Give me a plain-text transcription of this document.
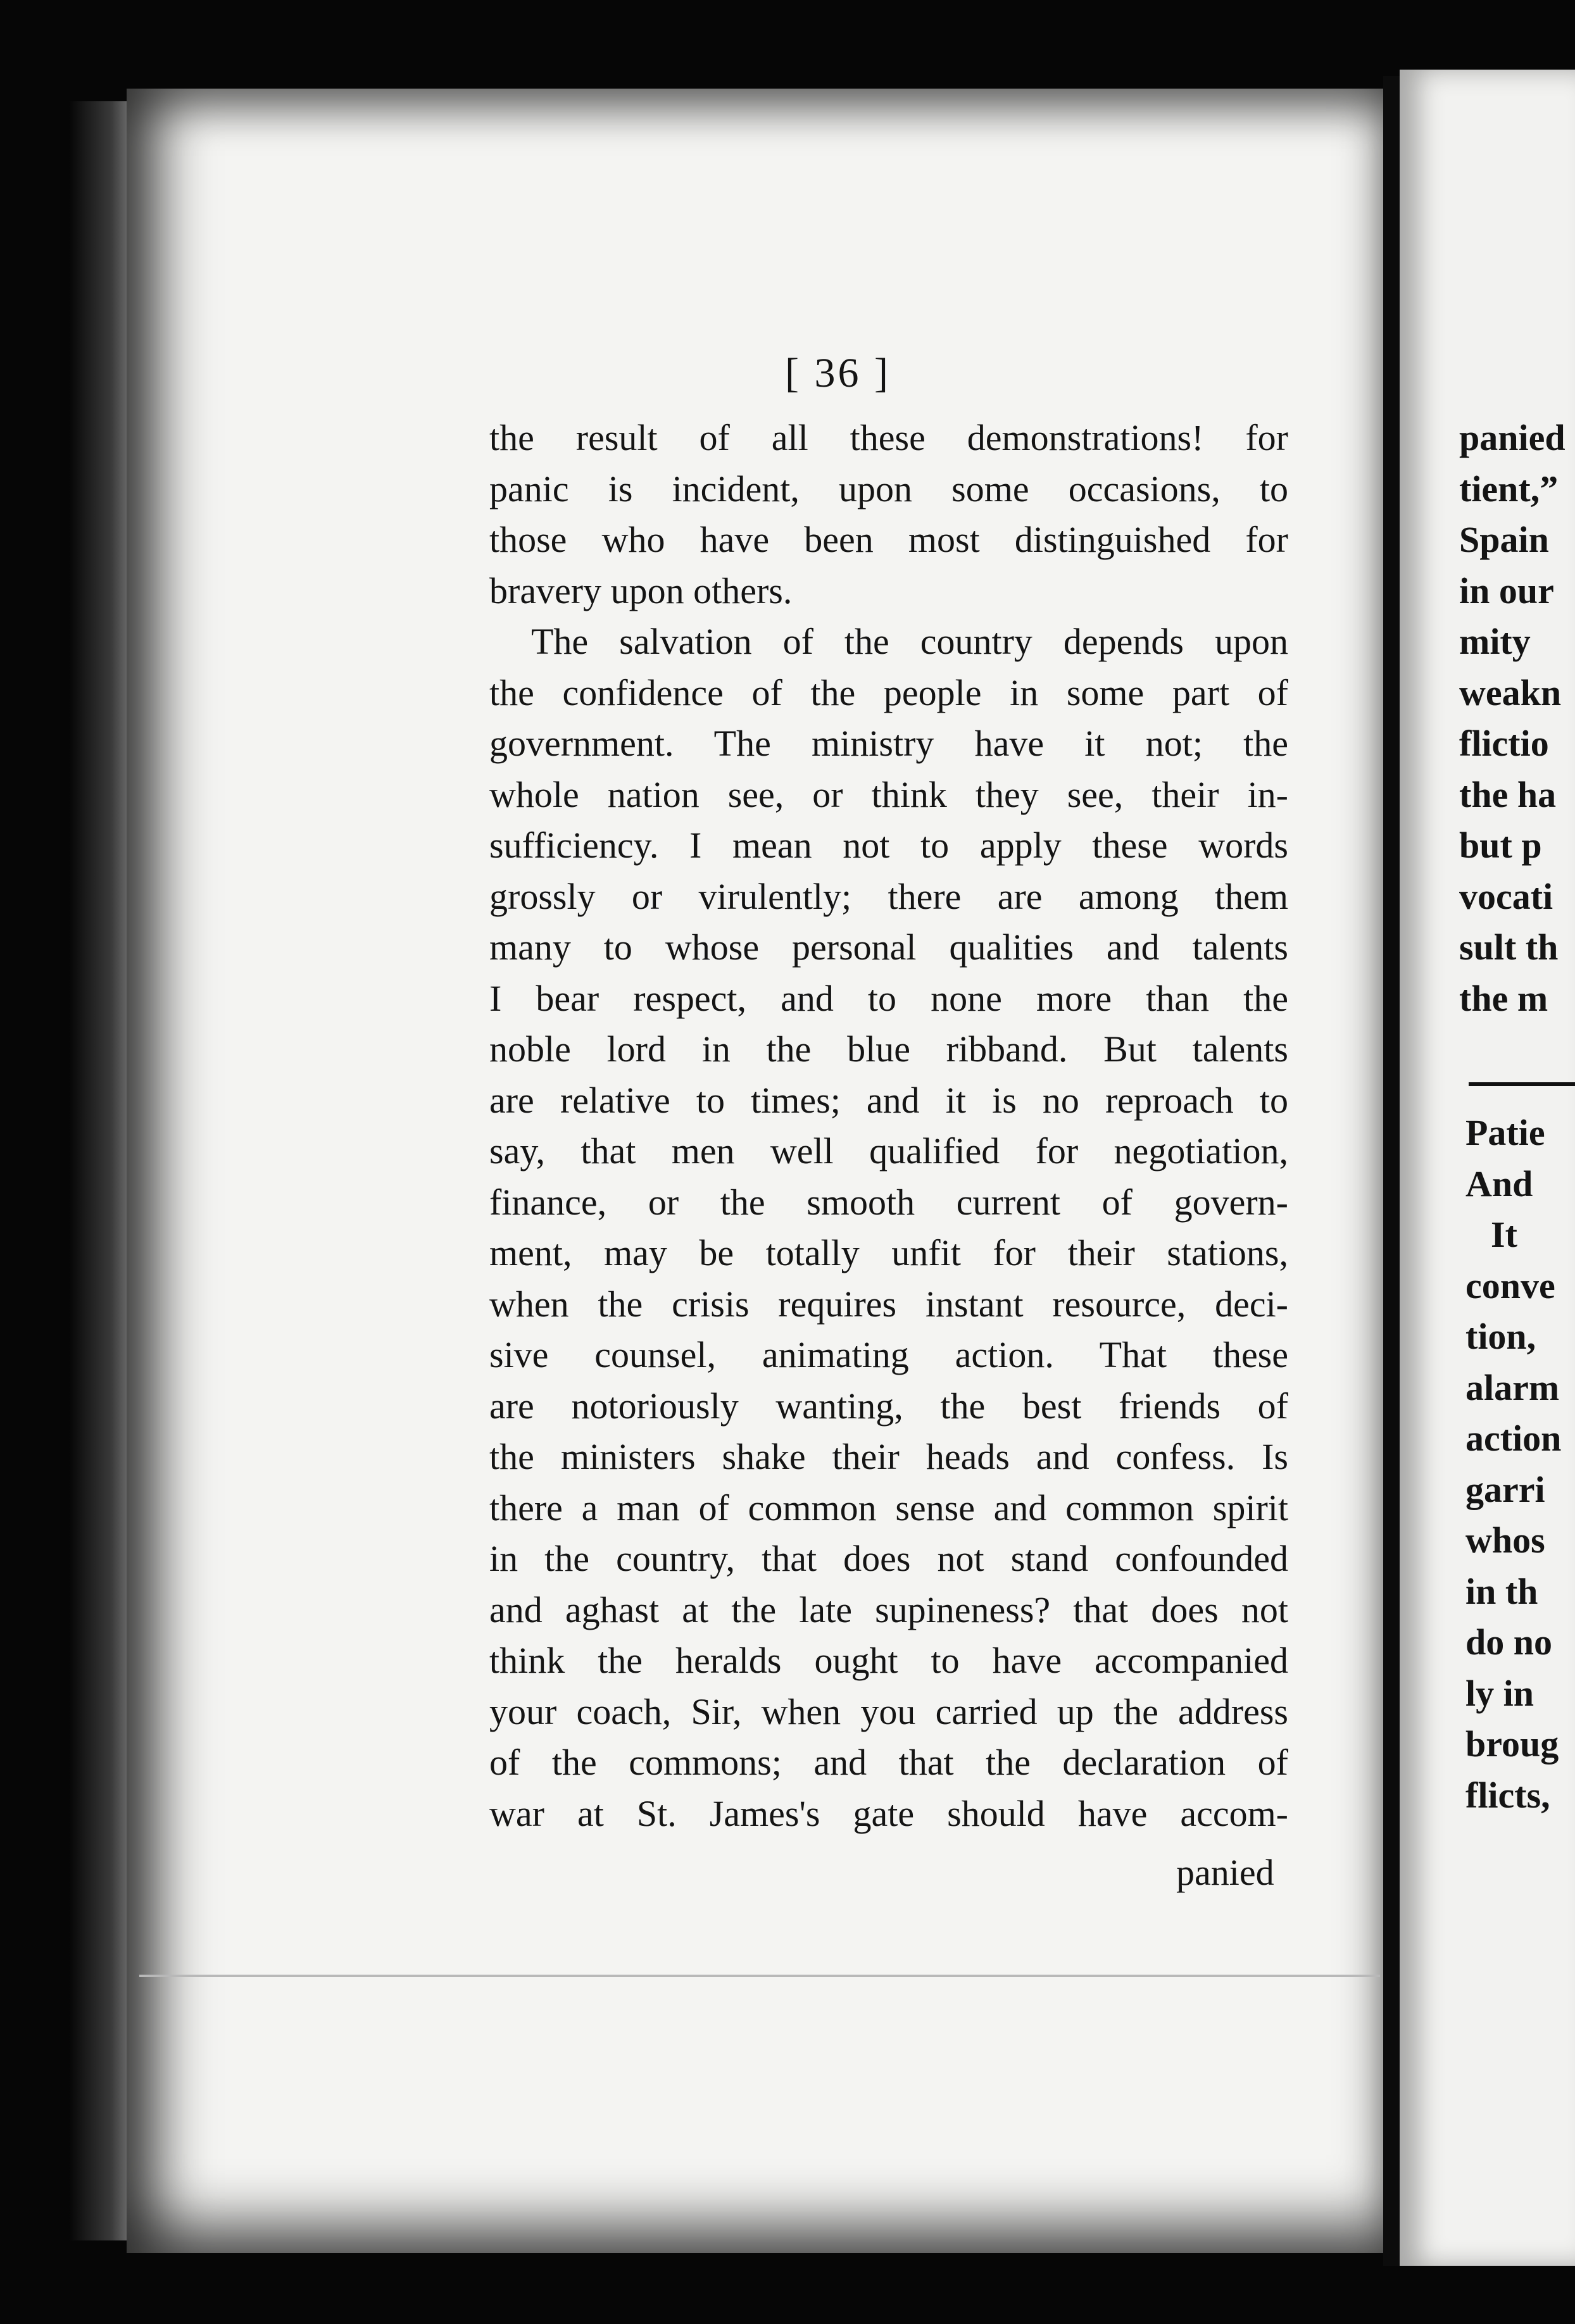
[ 36 ]
the result of all these demonstrations! for
panic is incident, upon some occasions, to
those who have been most distinguished for
bravery upon others.
The salvation of the country depends upon
the confidence of the people in some part of
government. The ministry have it not; the
whole nation see, or think they see, their in-
sufficiency. I mean not to apply these words
grossly or virulently; there are among them
many to whose personal qualities and talents
I bear respect, and to none more than the
noble lord in the blue ribband. But talents
are relative to times; and it is no reproach to
say, that men well qualified for negotiation,
finance, or the smooth current of govern-
ment, may be totally unfit for their stations,
when the crisis requires instant resource, deci-
sive counsel, animating action. That these
are notoriously wanting, the best friends of
the ministers shake their heads and confess. Is
there a man of common sense and common spirit
in the country, that does not stand confounded
and aghast at the late supineness? that does not
think the heralds ought to have accompanied
your coach, Sir, when you carried up the address
of the commons; and that the declaration of
war at St. James's gate should have accom-
panied
panied
tient,”
Spain
in our
mity
weakn
flictio
the ha
but p
vocati
sult th
the m
Patie
And
It
conve
tion,
alarm
action
garri
whos
in th
do no
ly in
broug
flicts,
